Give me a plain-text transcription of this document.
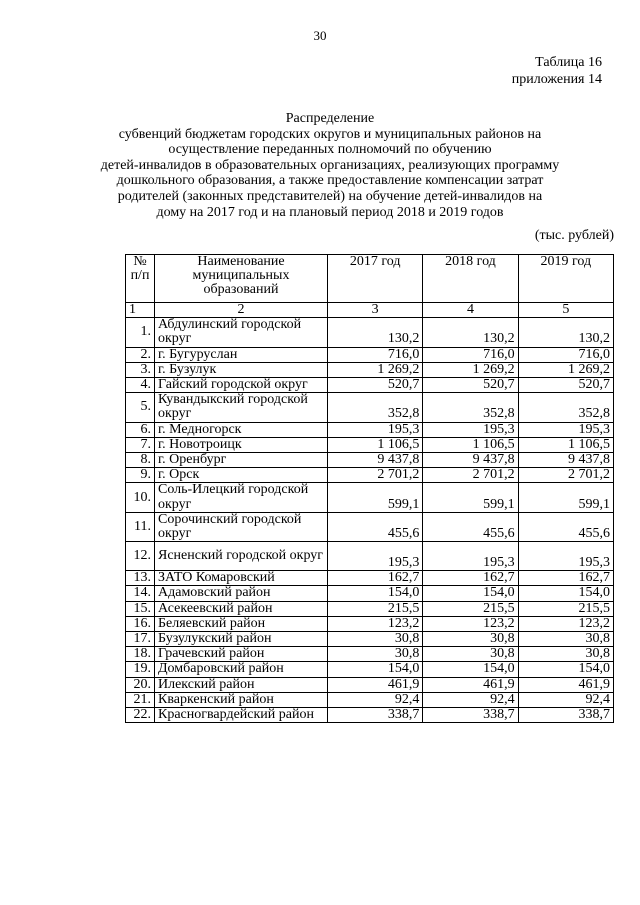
30
Таблица 16
приложения 14
Распределение
субвенций бюджетам городских округов и муниципальных районов на
осуществление переданных полномочий по обучению
детей-инвалидов в образовательных организациях, реализующих программу
дошкольного образования, а также предоставление компенсации затрат
родителей (законных представителей) на обучение детей-инвалидов на
дому на 2017 год и на плановый период 2018 и 2019 годов
(тыс. рублей)
№ п/п	Наименование муниципальных образований	2017 год	2018 год	2019 год
1	2	3	4	5
1.	Абдулинский городской округ	130,2	130,2	130,2
2.	г. Бугуруслан	716,0	716,0	716,0
3.	г. Бузулук	1 269,2	1 269,2	1 269,2
4.	Гайский городской округ	520,7	520,7	520,7
5.	Кувандыкский городской округ	352,8	352,8	352,8
6.	г. Медногорск	195,3	195,3	195,3
7.	г. Новотроицк	1 106,5	1 106,5	1 106,5
8.	г. Оренбург	9 437,8	9 437,8	9 437,8
9.	г. Орск	2 701,2	2 701,2	2 701,2
10.	Соль-Илецкий городской округ	599,1	599,1	599,1
11.	Сорочинский городской округ	455,6	455,6	455,6
12.	Ясненский городской округ	195,3	195,3	195,3
13.	ЗАТО Комаровский	162,7	162,7	162,7
14.	Адамовский район	154,0	154,0	154,0
15.	Асекеевский район	215,5	215,5	215,5
16.	Беляевский район	123,2	123,2	123,2
17.	Бузулукский район	30,8	30,8	30,8
18.	Грачевский район	30,8	30,8	30,8
19.	Домбаровский район	154,0	154,0	154,0
20.	Илекский район	461,9	461,9	461,9
21.	Кваркенский район	92,4	92,4	92,4
22.	Красногвардейский район	338,7	338,7	338,7
